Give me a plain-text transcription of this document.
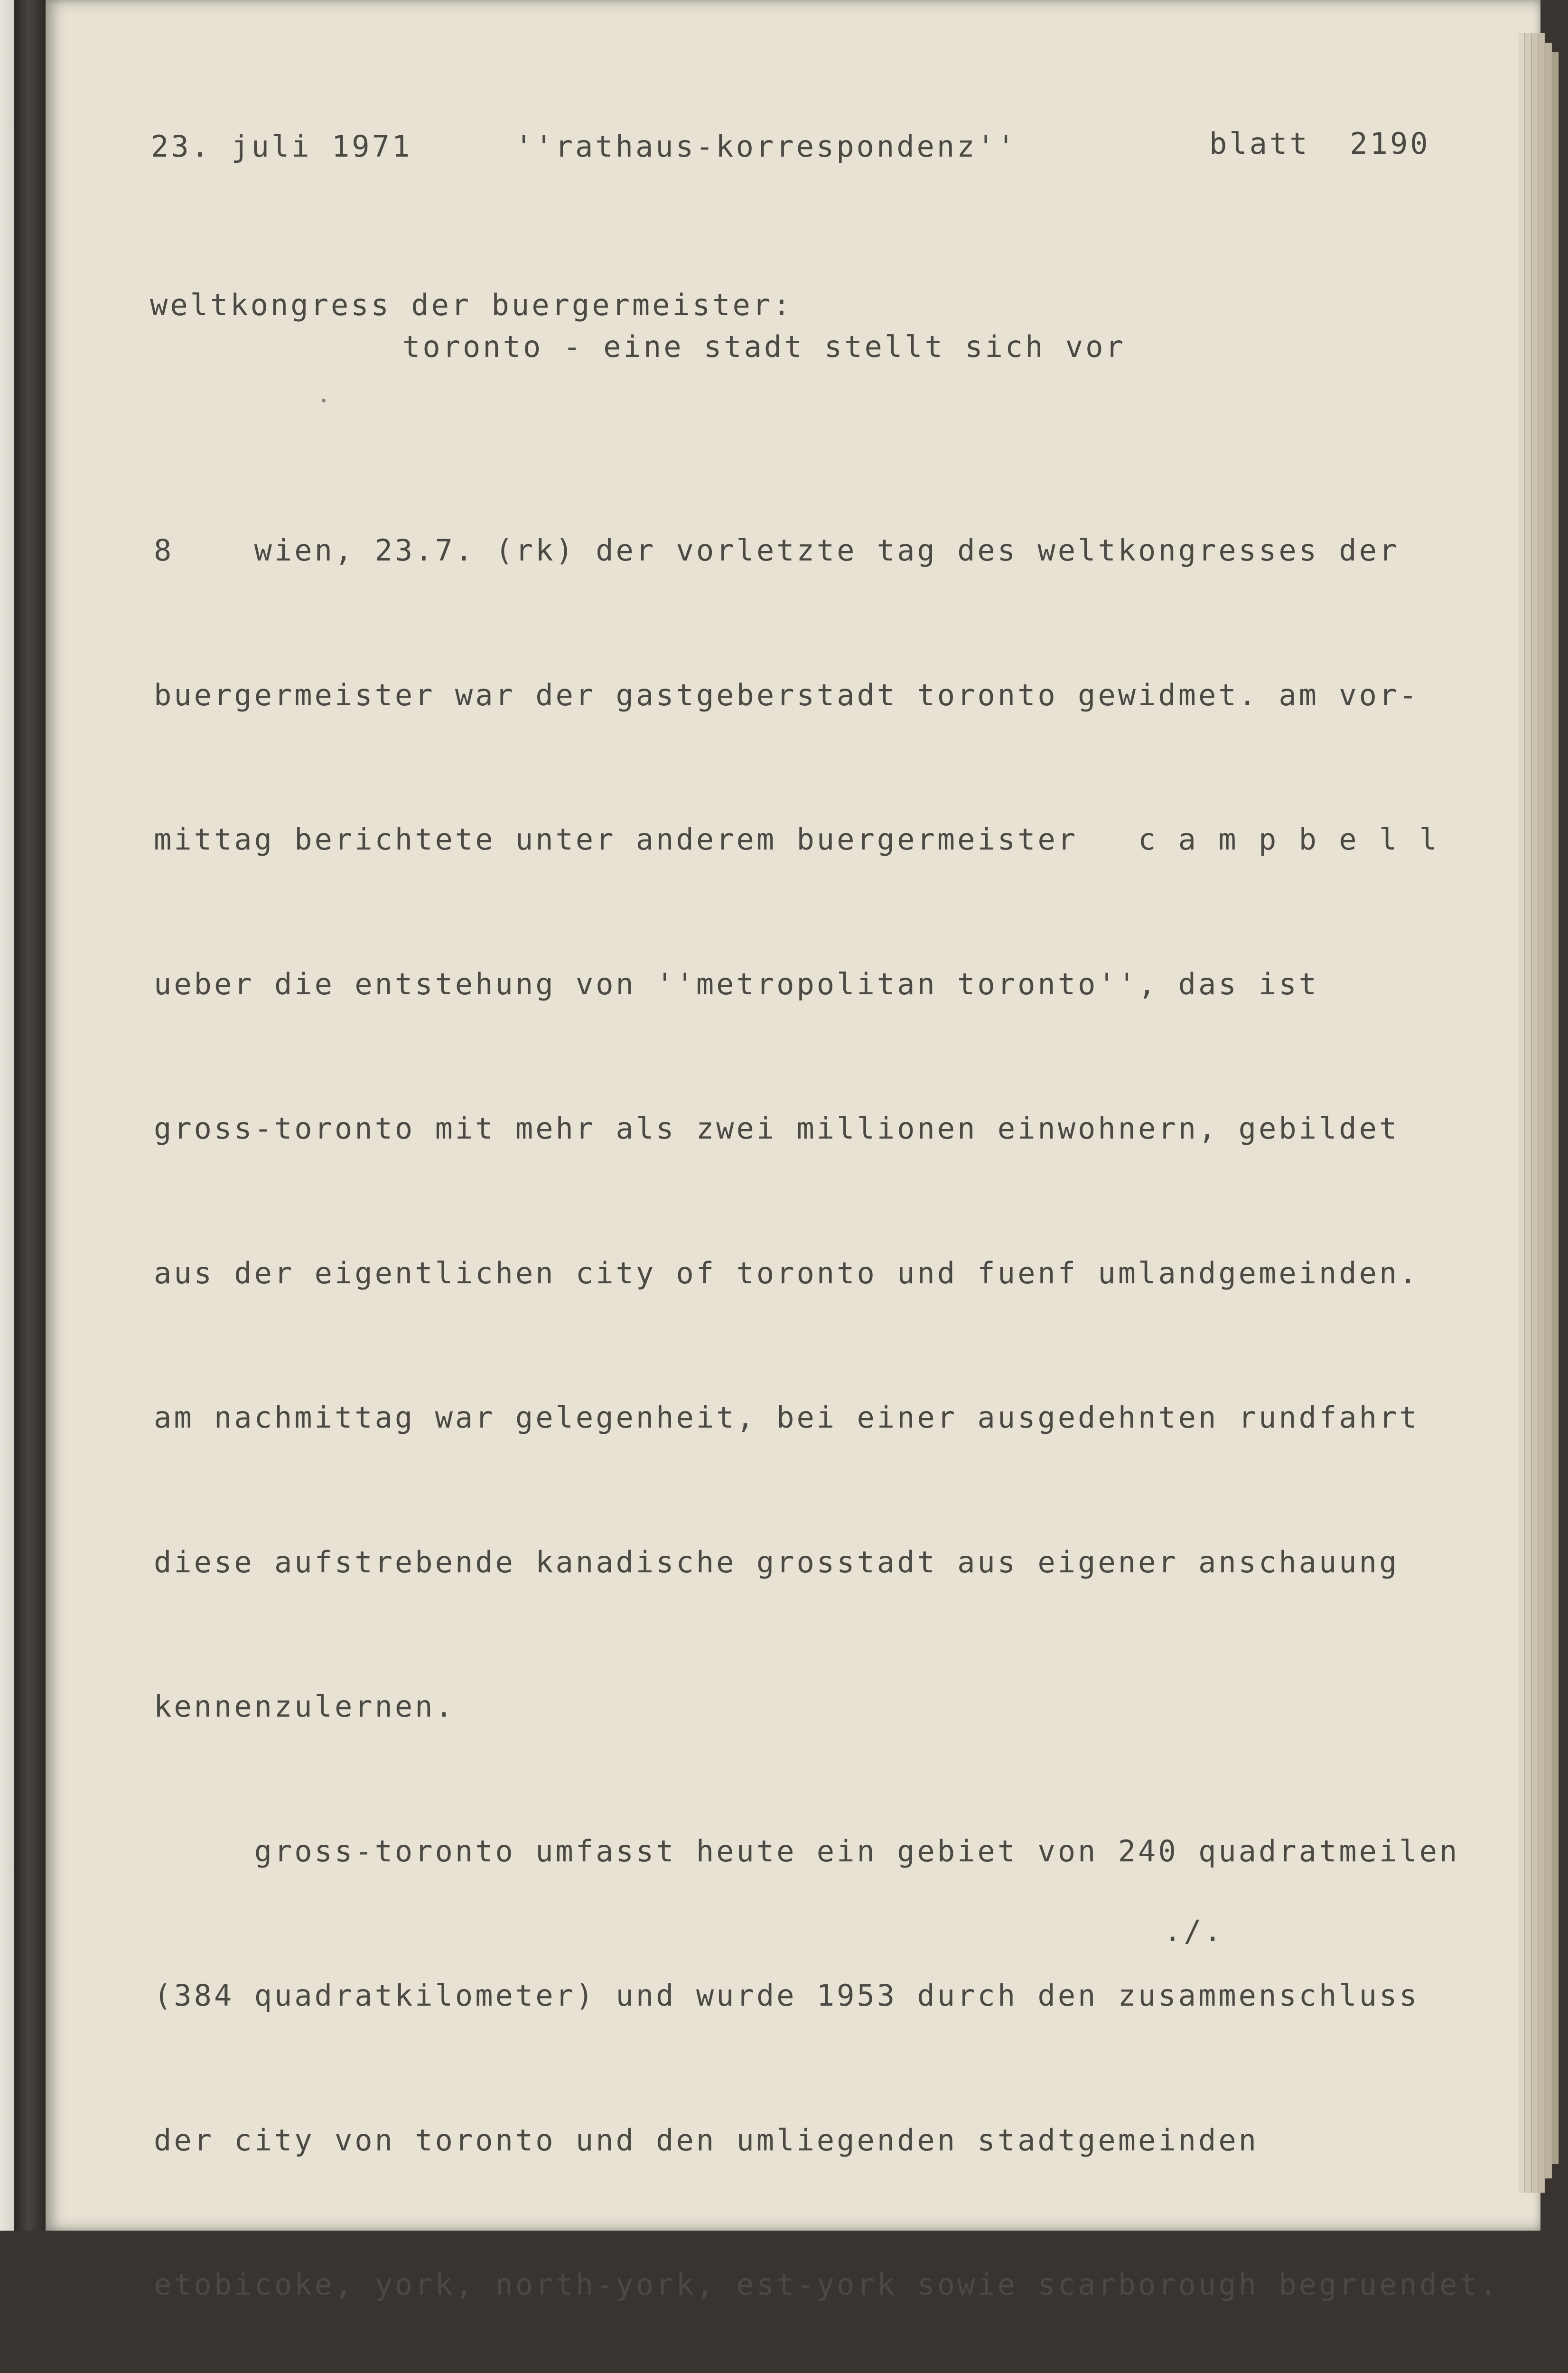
23. juli 1971	''rathaus-korrespondenz''	blatt  2190
weltkongress der buergermeister:
toronto - eine stadt stellt sich vor

8    wien, 23.7. (rk) der vorletzte tag des weltkongresses der

buergermeister war der gastgeberstadt toronto gewidmet. am vor-

mittag berichtete unter anderem buergermeister   c a m p b e l l

ueber die entstehung von ''metropolitan toronto'', das ist

gross-toronto mit mehr als zwei millionen einwohnern, gebildet

aus der eigentlichen city of toronto und fuenf umlandgemeinden.

am nachmittag war gelegenheit, bei einer ausgedehnten rundfahrt

diese aufstrebende kanadische grosstadt aus eigener anschauung

kennenzulernen.

gross-toronto umfasst heute ein gebiet von 240 quadratmeilen

(384 quadratkilometer) und wurde 1953 durch den zusammenschluss

der city von toronto und den umliegenden stadtgemeinden

etobicoke, york, north-york, est-york sowie scarborough begruendet.

./.
